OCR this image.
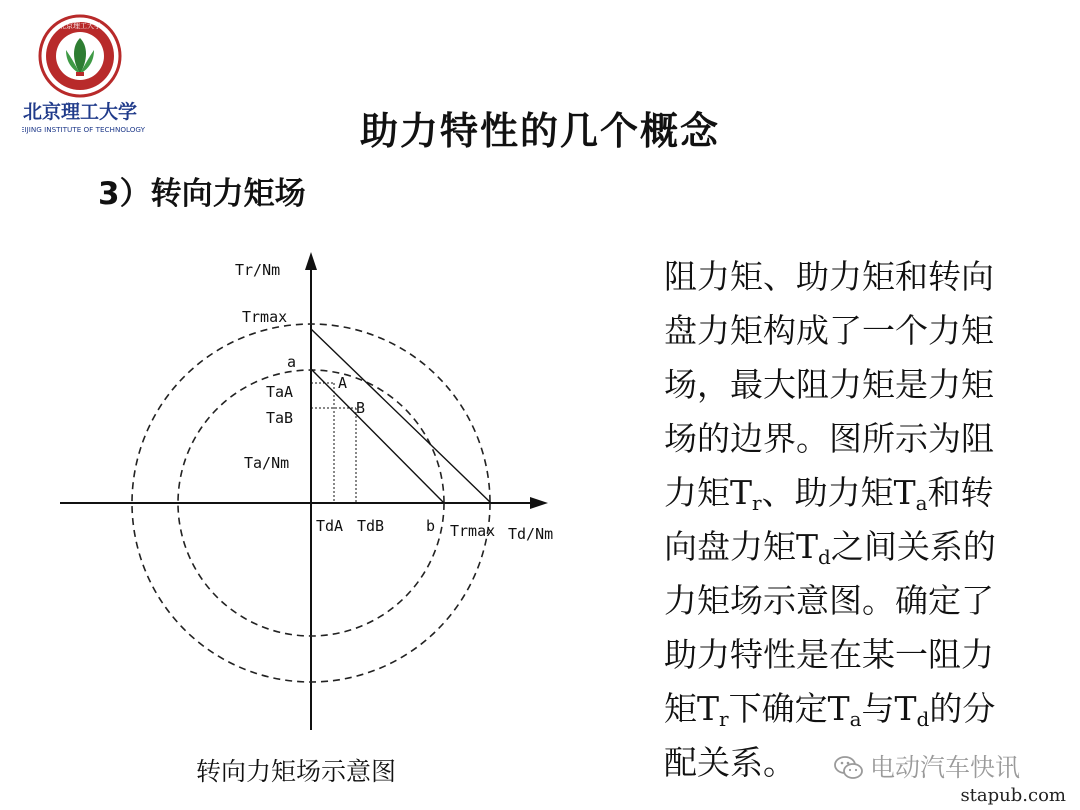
北京理工大学
北京理工大学
BEIJING INSTITUTE OF TECHNOLOGY	助力特性的几个概念
3）转向力矩场
Tr/Nm
Trmax
a
TaA
TaB
Ta/Nm
A
B
TdA TdB	b Trmax Td/Nm
转向力矩场示意图
阻力矩、助力矩和转向
盘力矩构成了一个力矩
场，最大阻力矩是力矩
场的边界。图所示为阻
力矩$T_r$、助力矩$T_a$和转
向盘力矩$T_d$之间关系的
力矩场示意图。确定了
助力特性是在某一阻力
矩$T_r$下确定$T_a$与$T_d$的分
配关系。	电动汽车快讯
stapub.com
